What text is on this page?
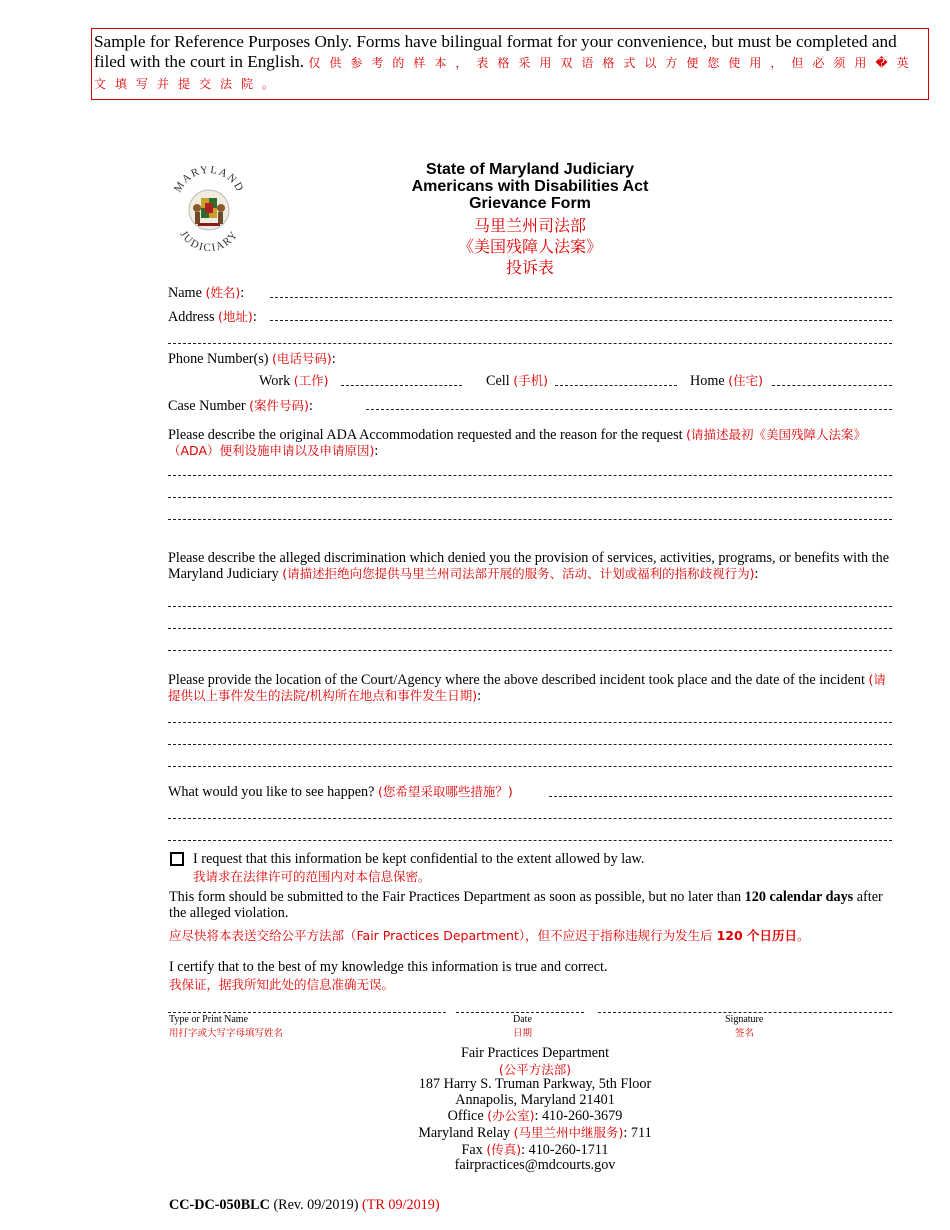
Sample for Reference Purposes Only. Forms have bilingual format for your convenience, but must be completed and filed with the court in English. 仅 供 参 考 的 样 本 ， 表 格 采 用 双 语 格 式 以 方 便 您 使 用 ， 但 必 须 用 � 英 文 填 写 并 提 交 法 院 。
MARYLAND
JUDICIARY
State of Maryland Judiciary
Americans with Disabilities Act
Grievance Form
马里兰州司法部
《美国残障人法案》
投诉表
Name (姓名):
Address (地址):
Phone Number(s) (电话号码):
Work (工作)	Cell (手机)	Home (住宅)
Case Number (案件号码):
Please describe the original ADA Accommodation requested and the reason for the request (请描述最初《美国残障人法案》（ADA）便利设施申请以及申请原因):
Please describe the alleged discrimination which denied you the provision of services, activities, programs, or benefits with the Maryland Judiciary (请描述拒绝向您提供马里兰州司法部开展的服务、活动、计划或福利的指称歧视行为):
Please provide the location of the Court/Agency where the above described incident took place and the date of the incident (请提供以上事件发生的法院/机构所在地点和事件发生日期):
What would you like to see happen? (您希望采取哪些措施？)
I request that this information be kept confidential to the extent allowed by law.
我请求在法律许可的范围内对本信息保密。
This form should be submitted to the Fair Practices Department as soon as possible, but no later than 120 calendar days after the alleged violation.
应尽快将本表送交给公平方法部（Fair Practices Department），但不应迟于指称违规行为发生后 120 个日历日。
I certify that to the best of my knowledge this information is true and correct.
我保证，据我所知此处的信息准确无误。
Type or Print Name
用打字或大写字母填写姓名
Date
日期
Signature
签名
Fair Practices Department
(公平方法部)
187 Harry S. Truman Parkway, 5th Floor
Annapolis, Maryland 21401
Office (办公室): 410-260-3679
Maryland Relay (马里兰州中继服务): 711
Fax (传真): 410-260-1711
fairpractices@mdcourts.gov
CC-DC-050BLC (Rev. 09/2019) (TR 09/2019)
